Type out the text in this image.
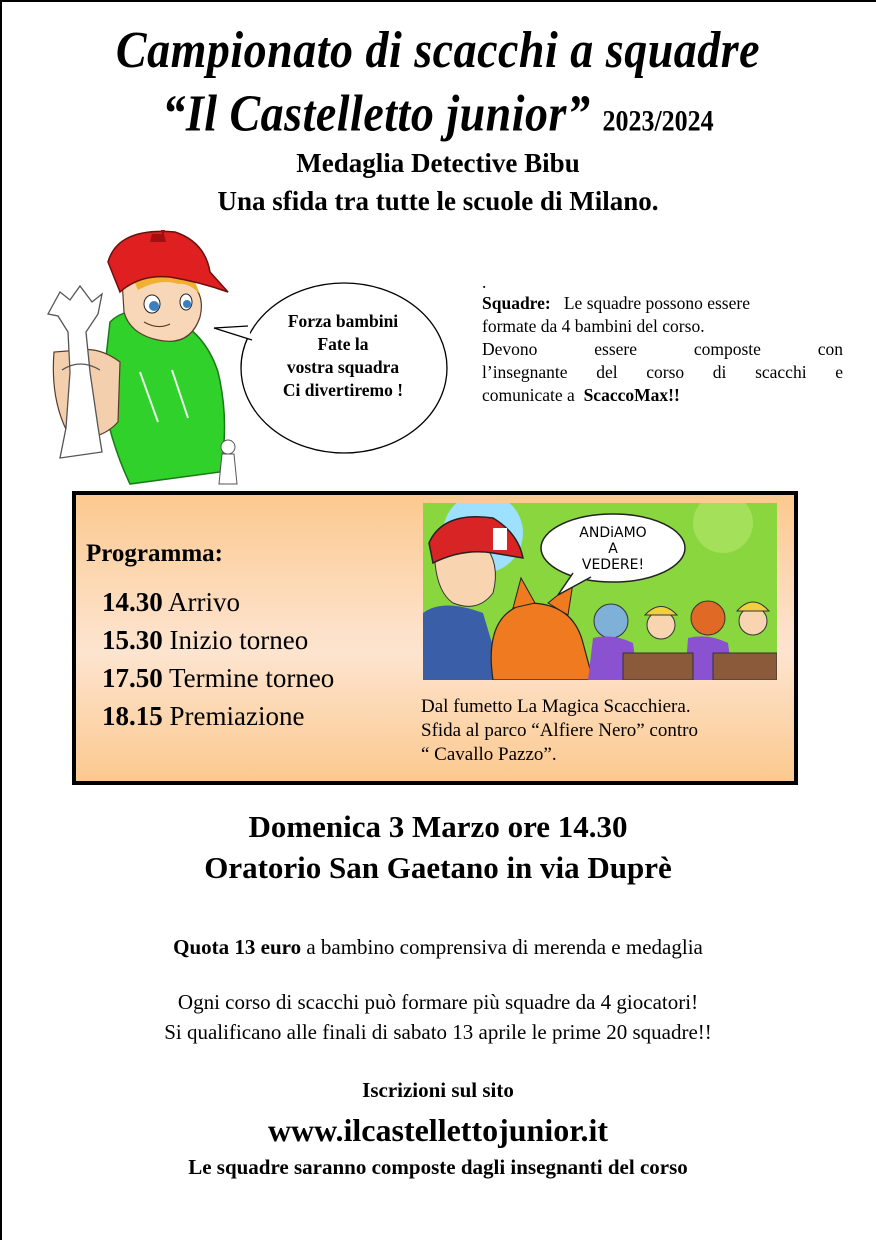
Campionato di scacchi a squadre
“Il Castelletto junior” 2023/2024
Medaglia Detective Bibu
Una sfida tra tutte le scuole di Milano.
Forza bambini
Fate la
vostra squadra
Ci divertiremo !
.
Squadre: Le squadre possono essere
formate da 4 bambini del corso.
Devono essere composte con
l’insegnante del corso di scacchi e
comunicate a ScaccoMax!!
Programma:
14.30 Arrivo
15.30 Inizio torneo
17.50 Termine torneo
18.15 Premiazione
ANDiAMO
A
VEDERE!
Dal fumetto La Magica Scacchiera.
Sfida al parco “Alfiere Nero” contro
“ Cavallo Pazzo”.
Domenica 3 Marzo ore 14.30
Oratorio San Gaetano in via Duprè
Quota 13 euro a bambino comprensiva di merenda e medaglia
Ogni corso di scacchi può formare più squadre da 4 giocatori!
Si qualificano alle finali di sabato 13 aprile le prime 20 squadre!!
Iscrizioni sul sito
www.ilcastellettojunior.it
Le squadre saranno composte dagli insegnanti del corso
